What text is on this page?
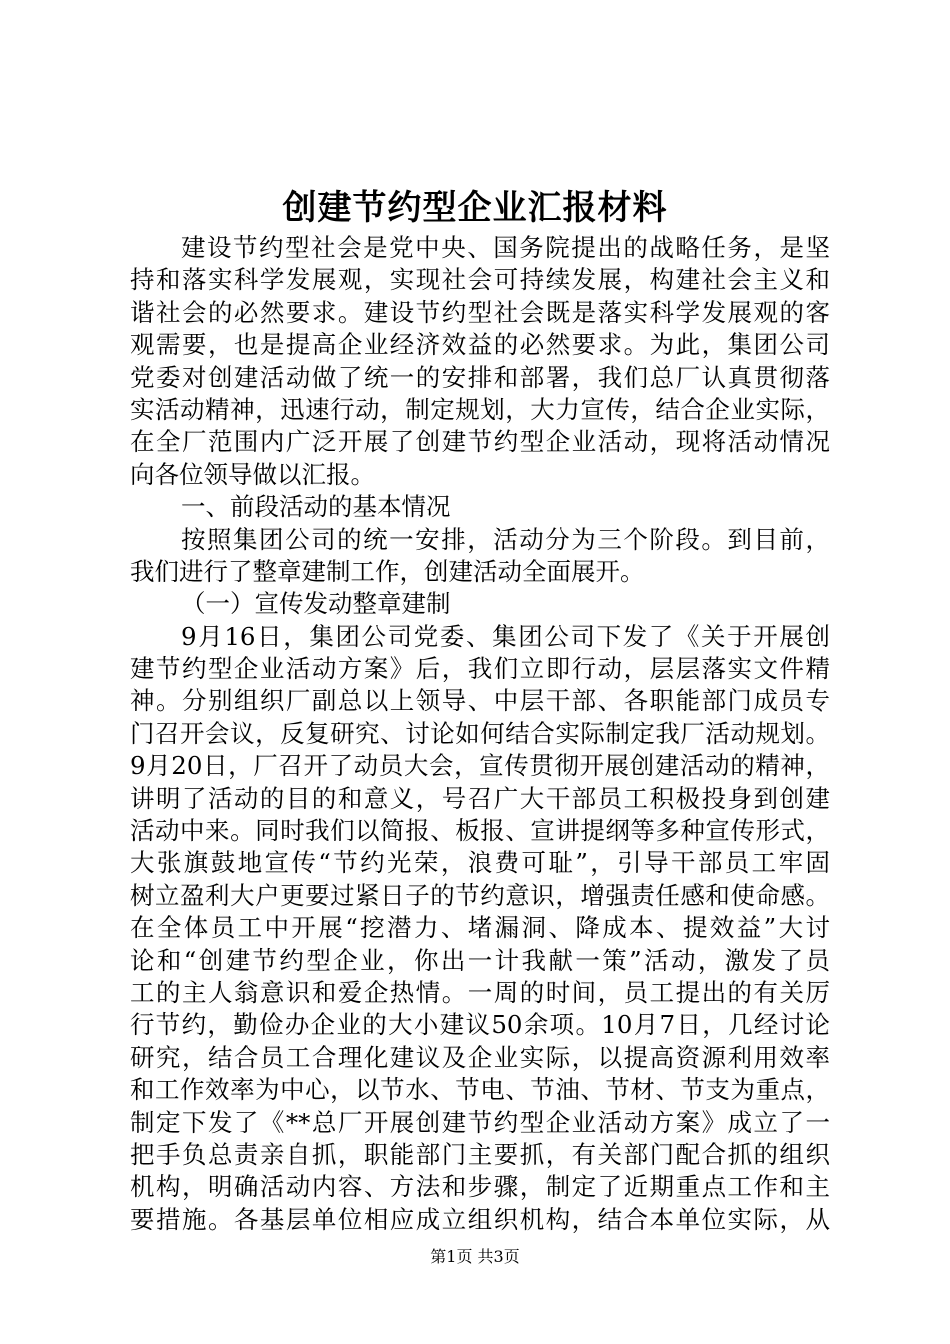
创建节约型企业汇报材料
建设节约型社会是党中央、国务院提出的战略任务，是坚
持和落实科学发展观，实现社会可持续发展，构建社会主义和
谐社会的必然要求。建设节约型社会既是落实科学发展观的客
观需要，也是提高企业经济效益的必然要求。为此，集团公司
党委对创建活动做了统一的安排和部署，我们总厂认真贯彻落
实活动精神，迅速行动，制定规划，大力宣传，结合企业实际，
在全厂范围内广泛开展了创建节约型企业活动，现将活动情况
向各位领导做以汇报。
一、前段活动的基本情况
按照集团公司的统一安排，活动分为三个阶段。到目前，
我们进行了整章建制工作，创建活动全面展开。
（一）宣传发动整章建制
9月16日，集团公司党委、集团公司下发了《关于开展创
建节约型企业活动方案》后，我们立即行动，层层落实文件精
神。分别组织厂副总以上领导、中层干部、各职能部门成员专
门召开会议，反复研究、讨论如何结合实际制定我厂活动规划。
9月20日，厂召开了动员大会，宣传贯彻开展创建活动的精神，
讲明了活动的目的和意义，号召广大干部员工积极投身到创建
活动中来。同时我们以简报、板报、宣讲提纲等多种宣传形式，
大张旗鼓地宣传“节约光荣，浪费可耻”，引导干部员工牢固
树立盈利大户更要过紧日子的节约意识，增强责任感和使命感。
在全体员工中开展“挖潜力、堵漏洞、降成本、提效益”大讨
论和“创建节约型企业，你出一计我献一策”活动，激发了员
工的主人翁意识和爱企热情。一周的时间，员工提出的有关厉
行节约，勤俭办企业的大小建议50余项。10月7日，几经讨论
研究，结合员工合理化建议及企业实际，以提高资源利用效率
和工作效率为中心，以节水、节电、节油、节材、节支为重点，
制定下发了《**总厂开展创建节约型企业活动方案》成立了一
把手负总责亲自抓，职能部门主要抓，有关部门配合抓的组织
机构，明确活动内容、方法和步骤，制定了近期重点工作和主
要措施。各基层单位相应成立组织机构，结合本单位实际，从
第1页 共3页
